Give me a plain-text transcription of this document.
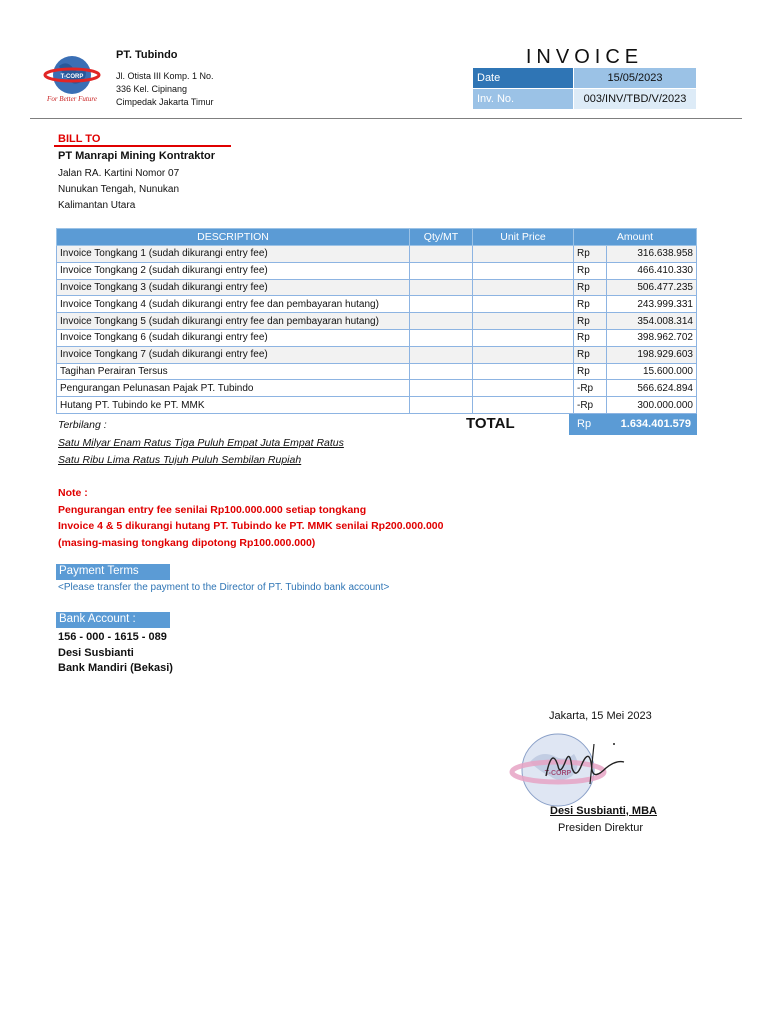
T-CORP
For Better Future
PT. Tubindo
Jl. Otista III Komp. 1 No.
336 Kel. Cipinang
Cimpedak Jakarta Timur
INVOICE
Date	15/05/2023
Inv. No.	003/INV/TBD/V/2023
BILL TO
PT Manrapi Mining Kontraktor
Jalan RA. Kartini Nomor 07
Nunukan Tengah, Nunukan
Kalimantan Utara
DESCRIPTION	Qty/MT	Unit Price	Amount	
Invoice Tongkang 1 (sudah dikurangi entry fee)			Rp	316.638.958
Invoice Tongkang 2 (sudah dikurangi entry fee)			Rp	466.410.330
Invoice Tongkang 3 (sudah dikurangi entry fee)			Rp	506.477.235
Invoice Tongkang 4 (sudah dikurangi entry fee dan pembayaran hutang)			Rp	243.999.331
Invoice Tongkang 5 (sudah dikurangi entry fee dan pembayaran hutang)			Rp	354.008.314
Invoice Tongkang 6 (sudah dikurangi entry fee)			Rp	398.962.702
Invoice Tongkang 7 (sudah dikurangi entry fee)			Rp	198.929.603
Tagihan Perairan Tersus			Rp	15.600.000
Pengurangan Pelunasan Pajak PT. Tubindo			-Rp	566.624.894
Hutang PT. Tubindo ke PT. MMK			-Rp	300.000.000
Terbilang :	TOTAL	Rp	1.634.401.579
Satu Milyar Enam Ratus Tiga Puluh Empat Juta Empat Ratus
Satu Ribu Lima Ratus Tujuh Puluh Sembilan Rupiah
Note :
Pengurangan entry fee senilai Rp100.000.000 setiap tongkang
Invoice 4 & 5 dikurangi hutang PT. Tubindo ke PT. MMK senilai Rp200.000.000
(masing-masing tongkang dipotong Rp100.000.000)
Payment Terms
<Please transfer the payment to the Director of PT. Tubindo bank account>
Bank Account :
156 - 000 - 1615 - 089
Desi Susbianti
Bank Mandiri (Bekasi)
Jakarta, 15 Mei 2023
T-CORP
Desi Susbianti, MBA
Presiden Direktur
